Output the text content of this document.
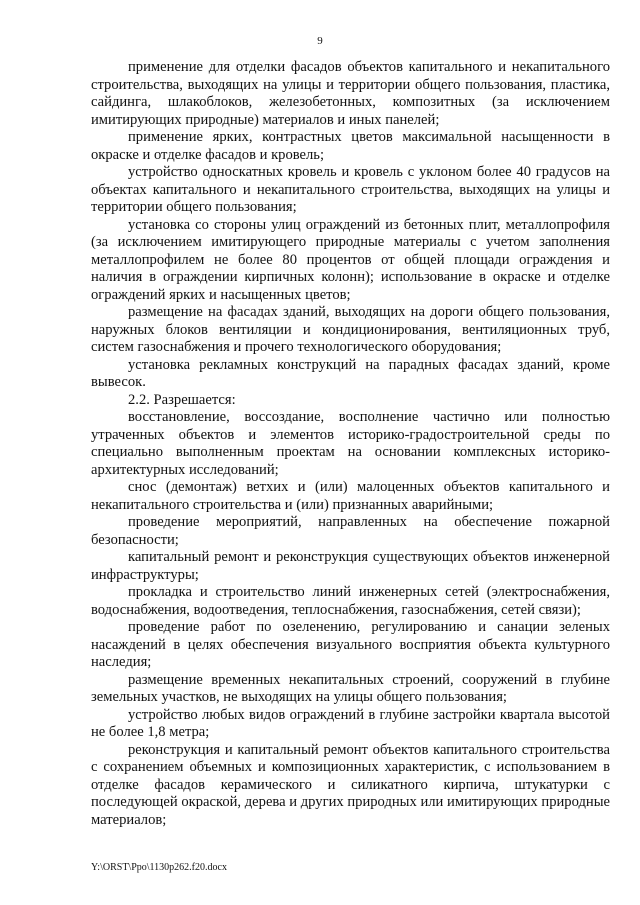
9

применение для отделки фасадов объектов капитального и некапитального строительства, выходящих на улицы и территории общего пользования, пластика, сайдинга, шлакоблоков, железобетонных, композитных (за исключением имитирующих природные) материалов и иных панелей;

применение ярких, контрастных цветов максимальной насыщенности в окраске и отделке фасадов и кровель;

устройство односкатных кровель и кровель с уклоном более 40 градусов на объектах капитального и некапитального строительства, выходящих на улицы и территории общего пользования;

установка со стороны улиц ограждений из бетонных плит, металлопрофиля (за исключением имитирующего природные материалы с учетом заполнения металлопрофилем не более 80 процентов от общей площади ограждения и наличия в ограждении кирпичных колонн); использование в окраске и отделке ограждений ярких и насыщенных цветов;

размещение на фасадах зданий, выходящих на дороги общего пользования, наружных блоков вентиляции и кондиционирования, вентиляционных труб, систем газоснабжения и прочего технологического оборудования;

установка рекламных конструкций на парадных фасадах зданий, кроме вывесок.

2.2. Разрешается:

восстановление, воссоздание, восполнение частично или полностью утраченных объектов и элементов историко-градостроительной среды по специально выполненным проектам на основании комплексных историко-архитектурных исследований;

снос (демонтаж) ветхих и (или) малоценных объектов капитального и некапитального строительства и (или) признанных аварийными;

проведение мероприятий, направленных на обеспечение пожарной безопасности;

капитальный ремонт и реконструкция существующих объектов инженерной инфраструктуры;

прокладка и строительство линий инженерных сетей (электроснабжения, водоснабжения, водоотведения, теплоснабжения, газоснабжения, сетей связи);

проведение работ по озеленению, регулированию и санации зеленых насаждений в целях обеспечения визуального восприятия объекта культурного наследия;

размещение временных некапитальных строений, сооружений в глубине земельных участков, не выходящих на улицы общего пользования;

устройство любых видов ограждений в глубине застройки квартала высотой не более 1,8 метра;

реконструкция и капитальный ремонт объектов капитального строительства с сохранением объемных и композиционных характеристик, с использованием в отделке фасадов керамического и силикатного кирпича, штукатурки с последующей окраской, дерева и других природных или имитирующих природные материалов;

Y:\ORST\Ppo\1130p262.f20.docx
